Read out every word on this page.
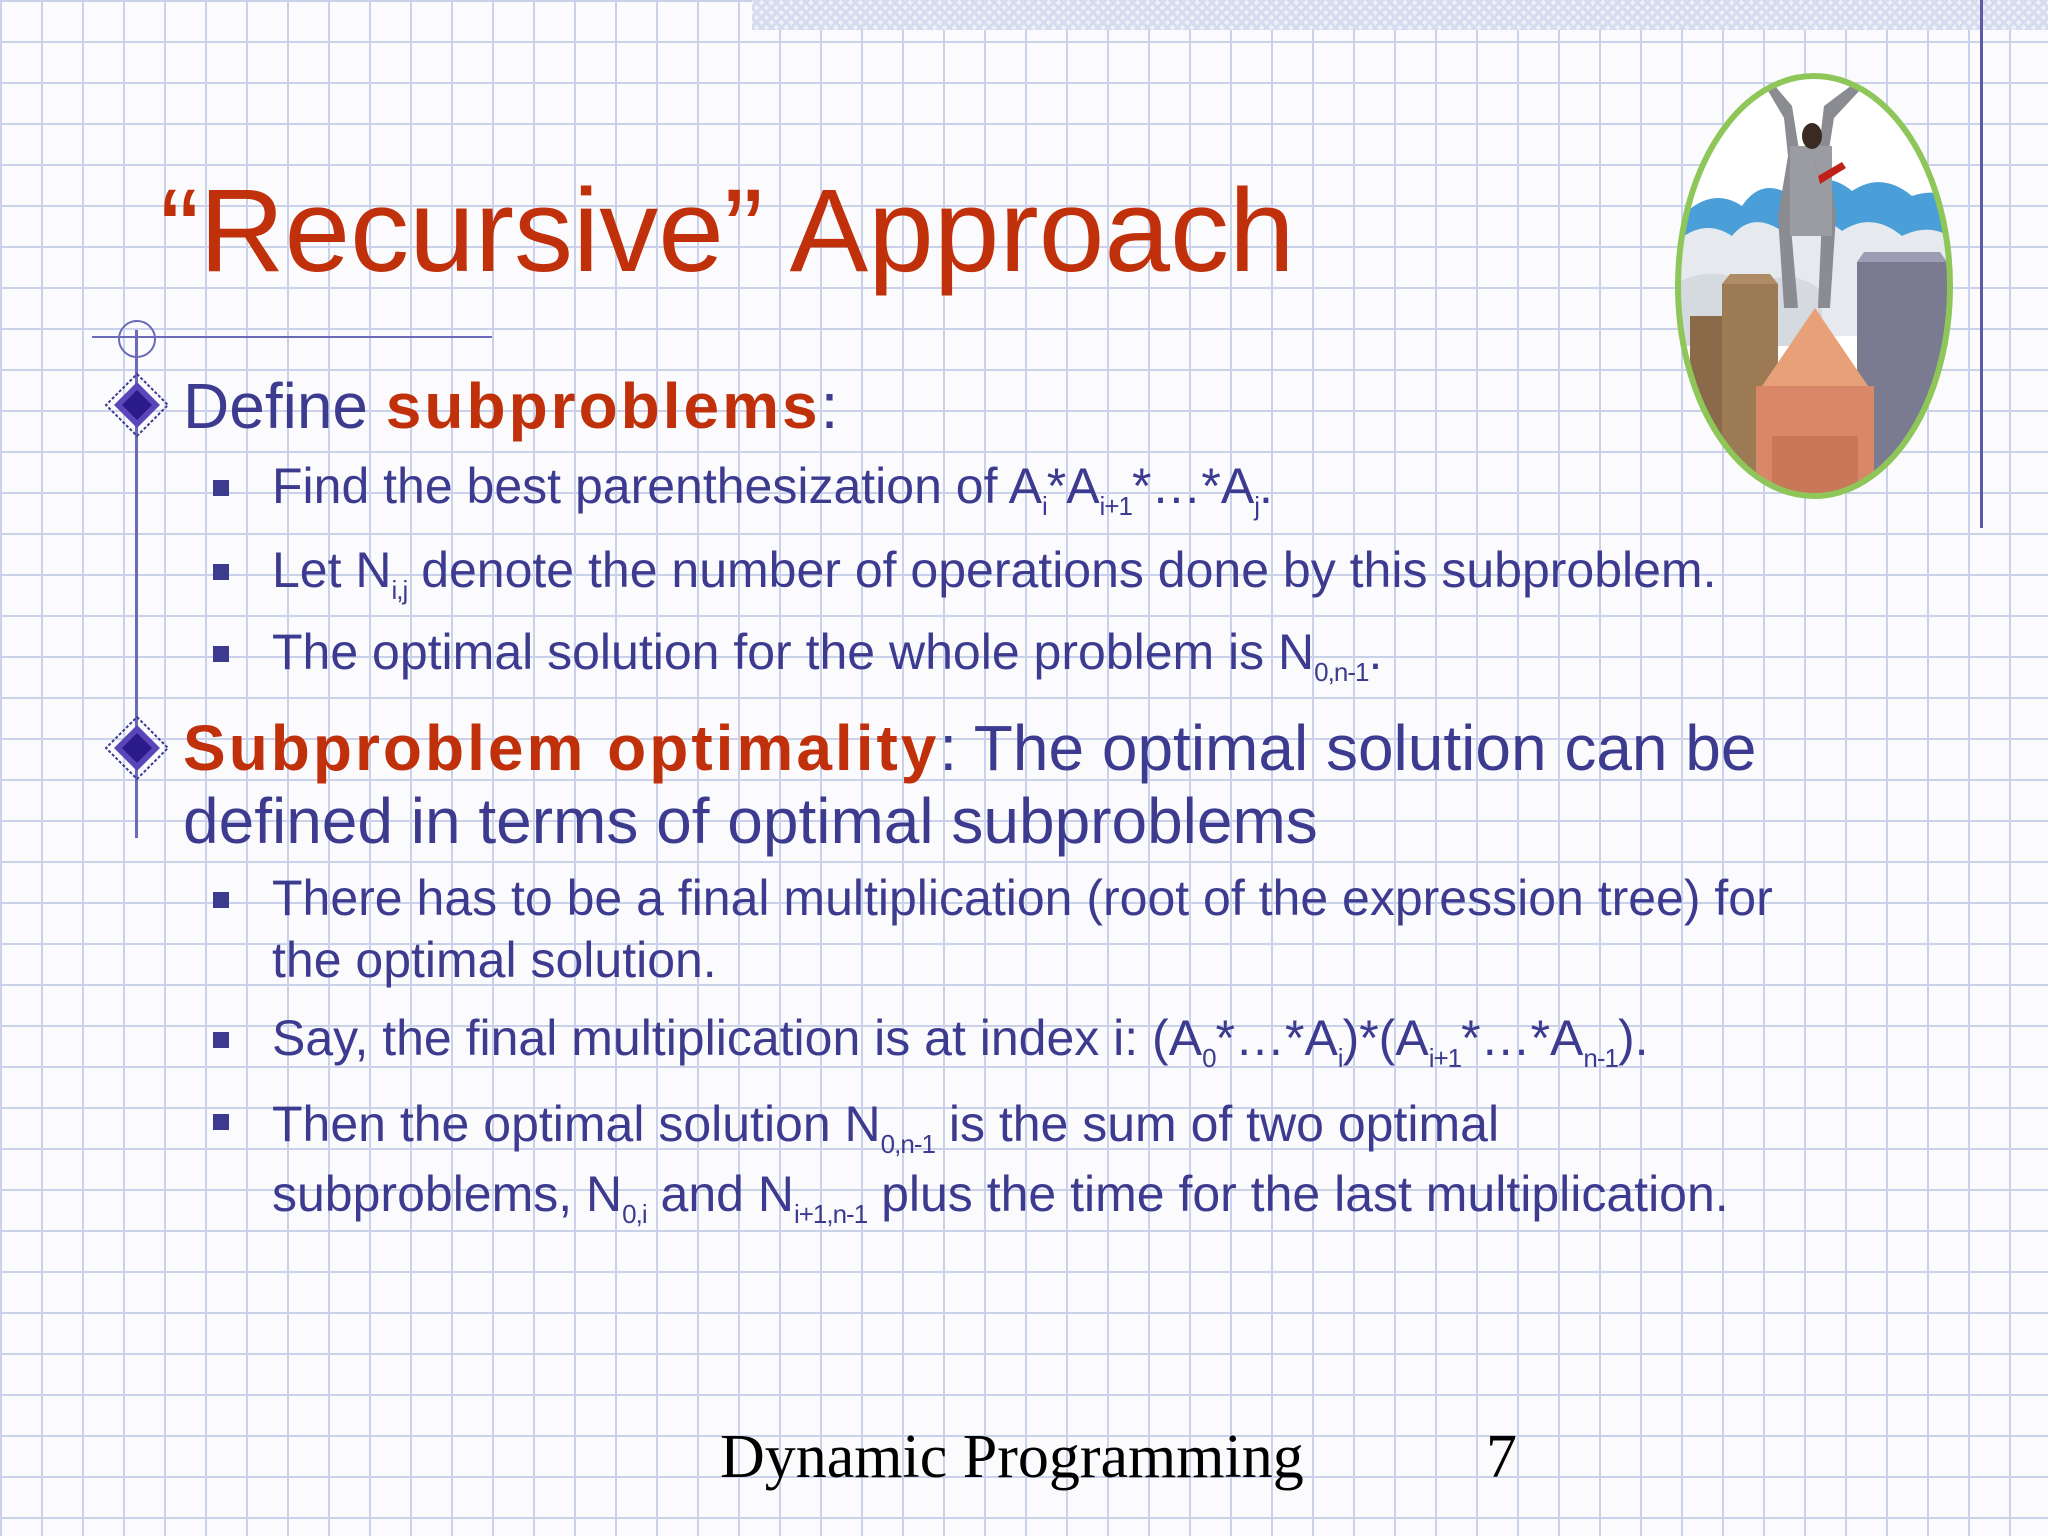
“Recursive” Approach

Define subproblems:

Find the best parenthesization of $A_i*A_{i+1}*\dots*A_j$.

Let $N_{i,j}$ denote the number of operations done by this subproblem.

The optimal solution for the whole problem is $N_{0,n-1}$.

Subproblem optimality: The optimal solution can be
defined in terms of optimal subproblems

There has to be a final multiplication (root of the expression tree) for
the optimal solution.

Say, the final multiplication is at index i: $(A_0*\dots*A_i)*(A_{i+1}*\dots*A_{n-1})$.

Then the optimal solution $N_{0,n-1}$ is the sum of two optimal
subproblems, $N_{0,i}$ and $N_{i+1,n-1}$ plus the time for the last multiplication.

Dynamic Programming	7
